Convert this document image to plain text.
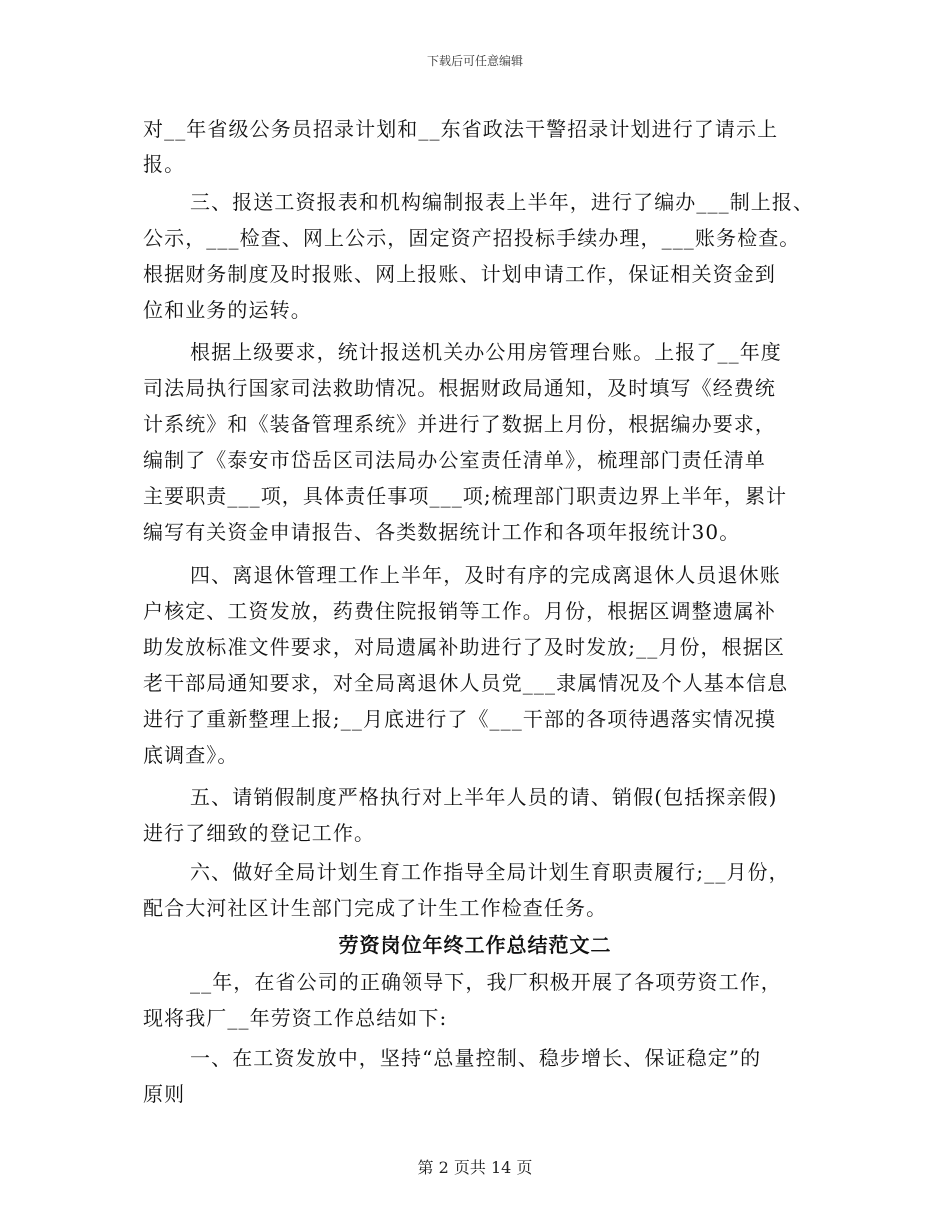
下载后可任意编辑
对__年省级公务员招录计划和__东省政法干警招录计划进行了请示上
报。
三、报送工资报表和机构编制报表上半年，进行了编办___制上报、
公示，___检查、网上公示，固定资产招投标手续办理，___账务检查。
根据财务制度及时报账、网上报账、计划申请工作，保证相关资金到
位和业务的运转。
根据上级要求，统计报送机关办公用房管理台账。上报了__年度
司法局执行国家司法救助情况。根据财政局通知，及时填写《经费统
计系统》和《装备管理系统》并进行了数据上月份，根据编办要求，
编制了《泰安市岱岳区司法局办公室责任清单》，梳理部门责任清单
主要职责___项，具体责任事项___项;梳理部门职责边界上半年，累计
编写有关资金申请报告、各类数据统计工作和各项年报统计30。
四、离退休管理工作上半年，及时有序的完成离退休人员退休账
户核定、工资发放，药费住院报销等工作。月份，根据区调整遗属补
助发放标准文件要求，对局遗属补助进行了及时发放;__月份，根据区
老干部局通知要求，对全局离退休人员党___隶属情况及个人基本信息
进行了重新整理上报;__月底进行了《___干部的各项待遇落实情况摸
底调查》。
五、请销假制度严格执行对上半年人员的请、销假(包括探亲假)
进行了细致的登记工作。
六、做好全局计划生育工作指导全局计划生育职责履行;__月份，
配合大河社区计生部门完成了计生工作检查任务。
劳资岗位年终工作总结范文二
__年，在省公司的正确领导下，我厂积极开展了各项劳资工作，
现将我厂__年劳资工作总结如下:
一、在工资发放中，坚持“总量控制、稳步增长、保证稳定”的
原则
第 2 页共 14 页
